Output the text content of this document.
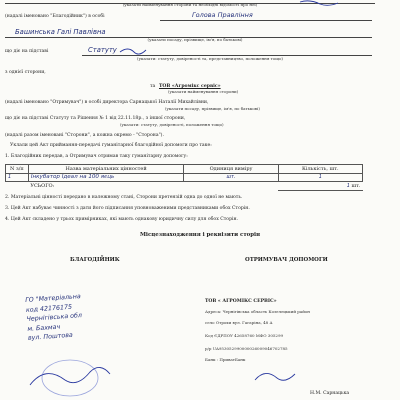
(указати найменування сторони та необхідні відомості про неї)
(надалі іменовано "Благодійник") в особі	Голова Правління
Башинська Галі Павлівна
(указати посаду, прізвище, ім'я, по батькові)
що діє на підставі	Статуту
(указати: статуту, довіреності та, представництво, положення тощо)
з однієї сторони,
та ТОВ «Агромікс сервіс»
(указати найменування сторони)
(надалі іменовано "Отримувач") в особі директора Сарнацької Наталії Михайлівни,
(указати посаду, прізвище, ім'я, по батькові)
що діє на підставі Статуту та Рішення № 1 від 22.11.18р., з іншої сторони,
(указати: статуту, довіреності, положення тощо)
(надалі разом іменовані "Сторони", а кожна окремо - "Сторона").
Уклали цей Акт приймання-передачі гуманітарної благодійної допомоги про таке:
1. Благодійник передав, а Отримувач отримав таку гуманітарну допомогу:
N з/п	Назва матеріальних цінностей	Одиниця виміру	Кількість, шт.
1	Інкубатор Ідеал на 100 яєць	шт.	1
	УСЬОГО:		1 шт.
2. Матеріальні цінності передано в належному стані, Сторони претензій одна до одної не мають.
3. Цей Акт набуває чинності з дати його підписання уповноваженими представниками обох Сторін.
4. Цей Акт складено у трьох примірниках, які мають однакову юридичну силу для обох Сторін.
Місцезнаходження і реквізити сторін
БЛАГОДІЙНИК	ОТРИМУВАЧ ДОПОМОГИ
ГО "Матеріальна
код 42176175
Чернігівська обл
м. Бахмач
вул. Поштова
ТОВ « АГРОМІКС СЕРВІС»
Адреса: Чернігівська область Козелецький район
село Отрохи вул. Гагаріна, 48 А
Код ЄДРПОУ 42658760 МФО 305299
р/р UA953052990000026009046702785
Банк : ПриватБанк
Н.М. Сарнацька
